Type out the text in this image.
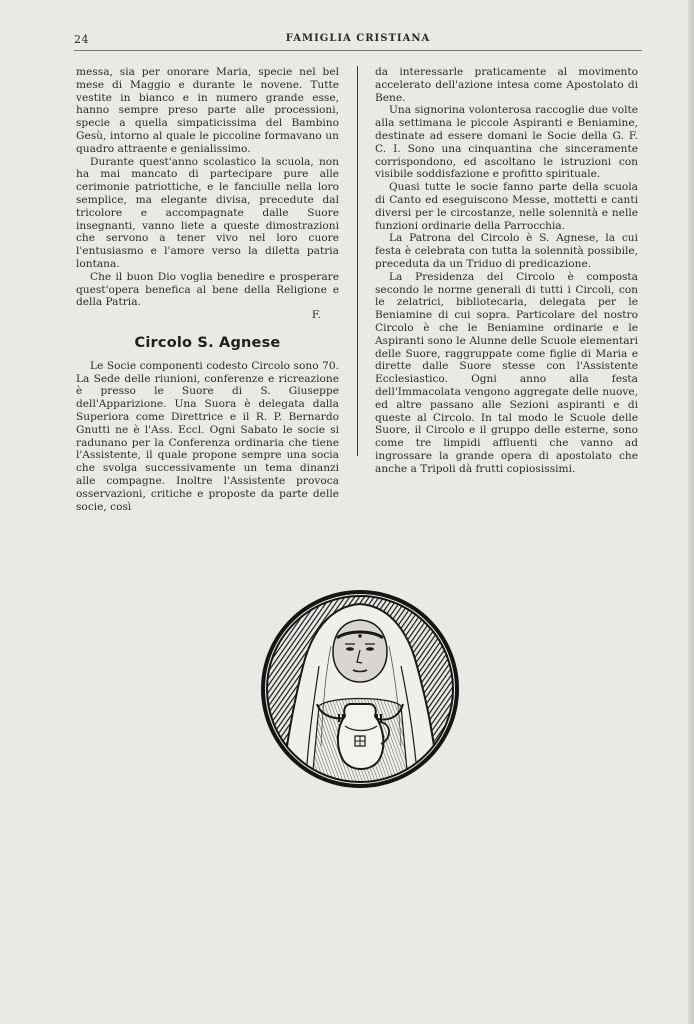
24	FAMIGLIA CRISTIANA

messa, sia per onorare Maria, specie nel bel mese di Maggio e durante le novene. Tutte vestite in bianco e in numero grande esse, hanno sempre preso parte alle processioni, specie a quella simpaticissima del Bambino Gesù, intorno al quale le piccoline formavano un quadro attraente e genialissimo.

Durante quest'anno scolastico la scuola, non ha mai mancato di partecipare pure alle cerimonie patriottiche, e le fanciulle nella loro semplice, ma elegante divisa, precedute dal tricolore e accompagnate dalle Suore insegnanti, vanno liete a queste dimostrazioni che servono a tener vivo nel loro cuore l'entusiasmo e l'amore verso la diletta patria lontana.

Che il buon Dio voglia benedire e prosperare quest'opera benefica al bene della Religione e della Patria.

F.

Circolo S. Agnese

Le Socie componenti codesto Circolo sono 70. La Sede delle riunioni, conferenze e ricreazione è presso le Suore di S. Giuseppe dell'Apparizione. Una Suora è delegata dalla Superiora come Direttrice e il R. P. Bernardo Gnutti ne è l'Ass. Eccl. Ogni Sabato le socie si radunano per la Conferenza ordinaria che tiene l'Assistente, il quale propone sempre una socia che svolga successivamente un tema dinanzi alle compagne. Inoltre l'Assistente provoca osservazioni, critiche e proposte da parte delle socie, così

da interessarle praticamente al movimento accelerato dell'azione intesa come Apostolato di Bene.

Una signorina volonterosa raccoglie due volte alla settimana le piccole Aspiranti e Beniamine, destinate ad essere domani le Socie della G. F. C. I. Sono una cinquantina che sinceramente corrispondono, ed ascoltano le istruzioni con visibile soddisfazione e profitto spirituale.

Quasi tutte le socie fanno parte della scuola di Canto ed eseguiscono Messe, mottetti e canti diversi per le circostanze, nelle solennità e nelle funzioni ordinarie della Parrocchia.

La Patrona del Circolo è S. Agnese, la cui festa è celebrata con tutta la solennità possibile, preceduta da un Triduo di predicazione.

La Presidenza del Circolo è composta secondo le norme generali di tutti i Circoli, con le zelatrici, bibliotecaria, delegata per le Beniamine di cui sopra. Particolare del nostro Circolo è che le Beniamine ordinarie e le Aspiranti sono le Alunne delle Scuole elementari delle Suore, raggruppate come figlie di Maria e dirette dalle Suore stesse con l'Assistente Ecclesiastico. Ogni anno alla festa dell'Immacolata vengono aggregate delle nuove, ed altre passano alle Sezioni aspiranti e di queste al Circolo. In tal modo le Scuole delle Suore, il Circolo e il gruppo delle esterne, sono come tre limpidi affluenti che vanno ad ingrossare la grande opera di apostolato che anche a Tripoli dà frutti copiosissimi.
